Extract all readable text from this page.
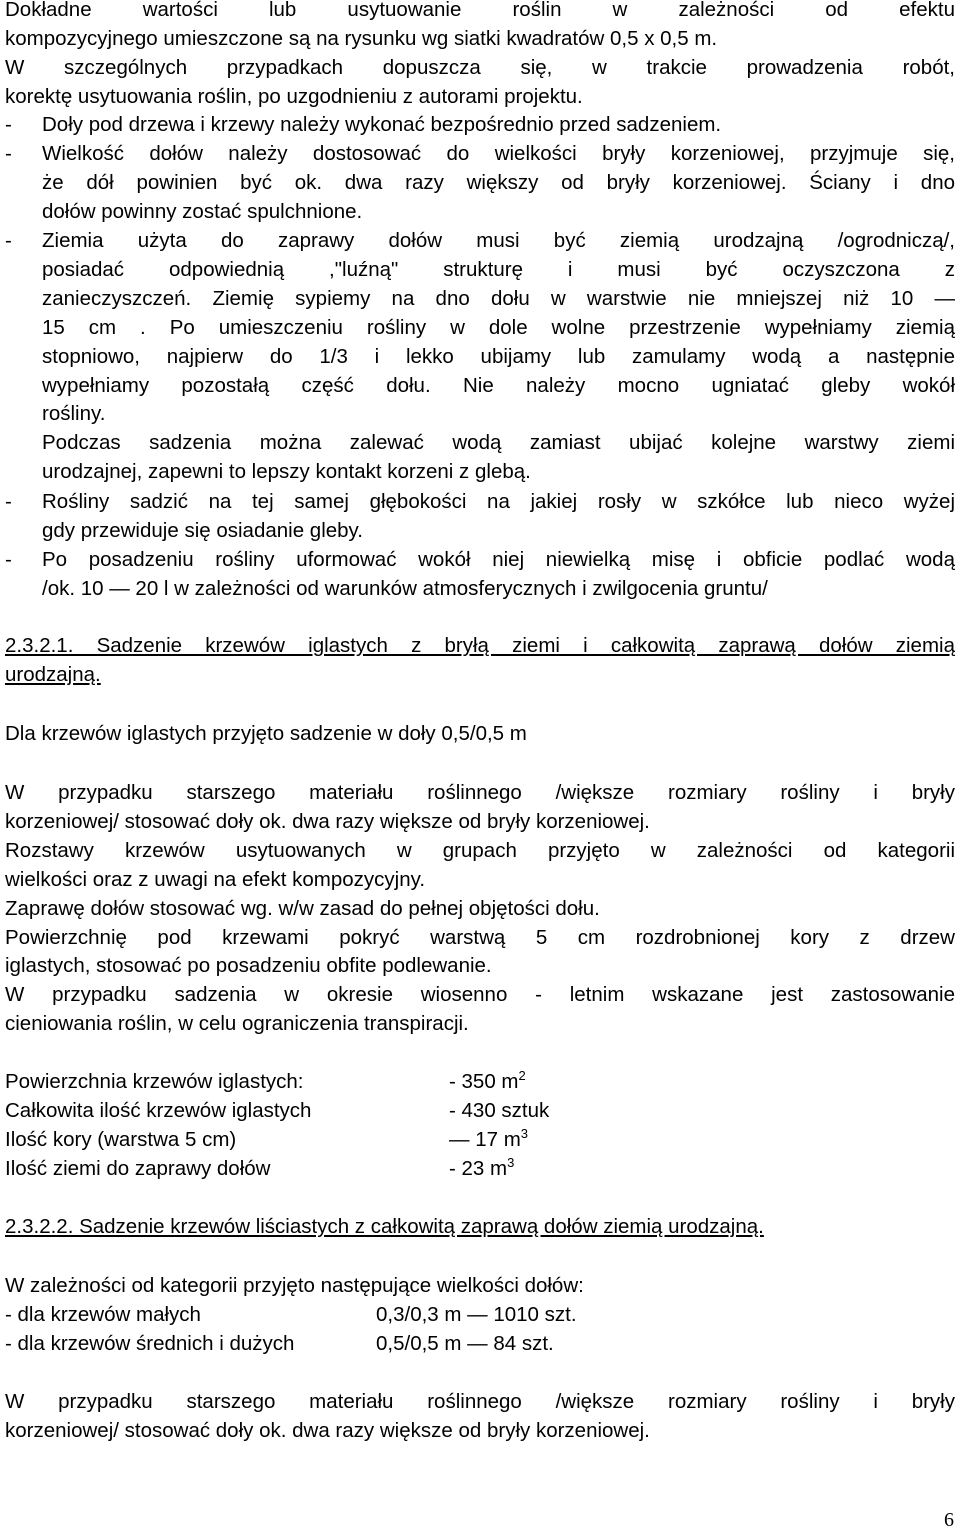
Dokładne wartości lub usytuowanie roślin w zależności od efektu
kompozycyjnego umieszczone są na rysunku wg siatki kwadratów 0,5 x 0,5 m.
W szczególnych przypadkach dopuszcza się, w trakcie prowadzenia robót,
korektę usytuowania roślin, po uzgodnieniu z autorami projektu.
- Doły pod drzewa i krzewy należy wykonać bezpośrednio przed sadzeniem.
- Wielkość dołów należy dostosować do wielkości bryły korzeniowej, przyjmuje się,
że dół powinien być ok. dwa razy większy od bryły korzeniowej. Ściany i dno
dołów powinny zostać spulchnione.
- Ziemia użyta do zaprawy dołów musi być ziemią urodzajną /ogrodniczą/,
posiadać odpowiednią ,"luźną" strukturę i musi być oczyszczona z
zanieczyszczeń. Ziemię sypiemy na dno dołu w warstwie nie mniejszej niż 10 —
15 cm . Po umieszczeniu rośliny w dole wolne przestrzenie wypełniamy ziemią
stopniowo, najpierw do 1/3 i lekko ubijamy lub zamulamy wodą a następnie
wypełniamy pozostałą część dołu. Nie należy mocno ugniatać gleby wokół
rośliny.
Podczas sadzenia można zalewać wodą zamiast ubijać kolejne warstwy ziemi
urodzajnej, zapewni to lepszy kontakt korzeni z glebą.
- Rośliny sadzić na tej samej głębokości na jakiej rosły w szkółce lub nieco wyżej
gdy przewiduje się osiadanie gleby.
- Po posadzeniu rośliny uformować wokół niej niewielką misę i obficie podlać wodą
/ok. 10 — 20 l w zależności od warunków atmosferycznych i zwilgocenia gruntu/
2.3.2.1. Sadzenie krzewów iglastych z bryłą ziemi i całkowitą zaprawą dołów ziemią
urodzajną.
Dla krzewów iglastych przyjęto sadzenie w doły 0,5/0,5 m
W przypadku starszego materiału roślinnego /większe rozmiary rośliny i bryły
korzeniowej/ stosować doły ok. dwa razy większe od bryły korzeniowej.
Rozstawy krzewów usytuowanych w grupach przyjęto w zależności od kategorii
wielkości oraz z uwagi na efekt kompozycyjny.
Zaprawę dołów stosować wg. w/w zasad do pełnej objętości dołu.
Powierzchnię pod krzewami pokryć warstwą 5 cm rozdrobnionej kory z drzew
iglastych, stosować po posadzeniu obfite podlewanie.
W przypadku sadzenia w okresie wiosenno - letnim wskazane jest zastosowanie
cieniowania roślin, w celu ograniczenia transpiracji.
Powierzchnia krzewów iglastych:	- 350 $m^2$
Całkowita ilość krzewów iglastych	- 430 sztuk
Ilość kory (warstwa 5 cm)	— 17 $m^3$
Ilość ziemi do zaprawy dołów	- 23 $m^3$
2.3.2.2. Sadzenie krzewów liściastych z całkowitą zaprawą dołów ziemią urodzajną.
W zależności od kategorii przyjęto następujące wielkości dołów:
- dla krzewów małych	0,3/0,3 m — 1010 szt.
- dla krzewów średnich i dużych	0,5/0,5 m — 84 szt.
W przypadku starszego materiału roślinnego /większe rozmiary rośliny i bryły
korzeniowej/ stosować doły ok. dwa razy większe od bryły korzeniowej.
6
